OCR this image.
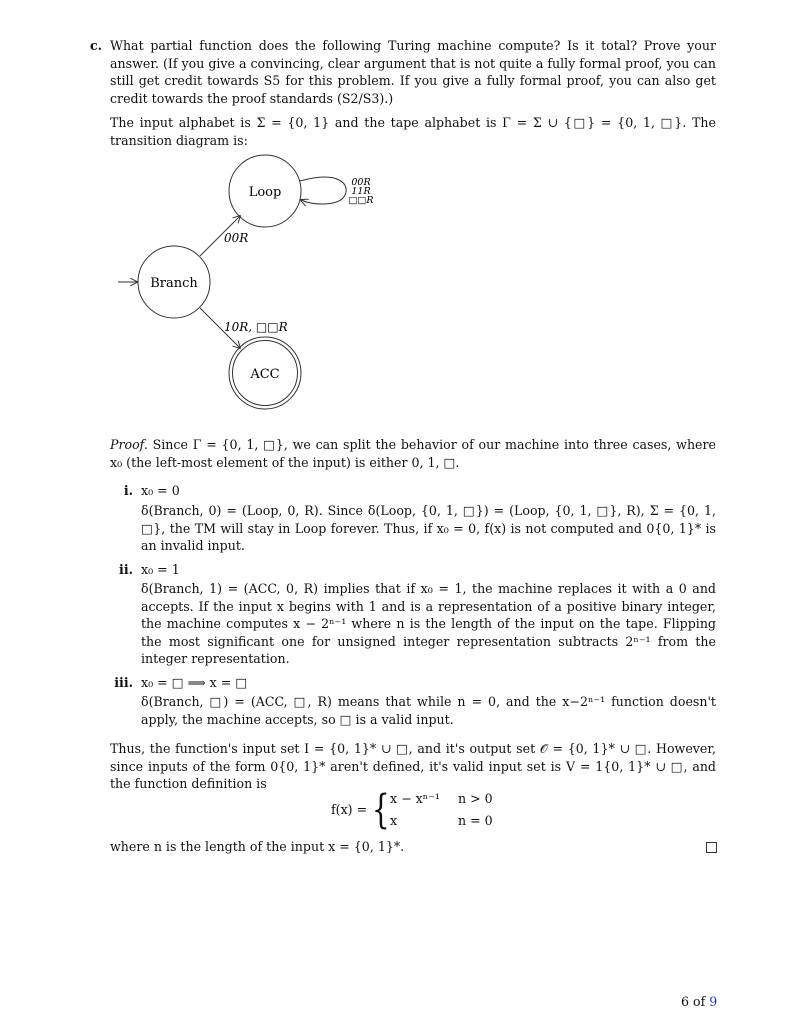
c. What partial function does the following Turing machine compute? Is it total? Prove your answer. (If you give a convincing, clear argument that is not quite a fully formal proof, you can still get credit towards S5 for this problem. If you give a fully formal proof, you can also get credit towards the proof standards (S2/S3).)
The input alphabet is Σ = {0, 1} and the tape alphabet is Γ = Σ ∪ {□} = {0, 1, □}. The transition diagram is:
Loop
00R
11R
□□R
Branch
00R
ACC
10R, □□R
Proof. Since Γ = {0, 1, □}, we can split the behavior of our machine into three cases, where x₀ (the left-most element of the input) is either 0, 1, □.
i. x₀ = 0
δ(Branch, 0) = (Loop, 0, R). Since δ(Loop, {0, 1, □}) = (Loop, {0, 1, □}, R), Σ = {0, 1, □}, the TM will stay in Loop forever. Thus, if x₀ = 0, f(x) is not computed and 0{0, 1}* is an invalid input.
ii. x₀ = 1
δ(Branch, 1) = (ACC, 0, R) implies that if x₀ = 1, the machine replaces it with a 0 and accepts. If the input x begins with 1 and is a representation of a positive binary integer, the machine computes x − 2ⁿ⁻¹ where n is the length of the input on the tape. Flipping the most significant one for unsigned integer representation subtracts 2ⁿ⁻¹ from the integer representation.
iii. x₀ = □ ⟹ x = □
δ(Branch, □) = (ACC, □, R) means that while n = 0, and the x−2ⁿ⁻¹ function doesn't apply, the machine accepts, so □ is a valid input.
Thus, the function's input set I = {0, 1}* ∪ □, and it's output set 𝒪 = {0, 1}* ∪ □. However, since inputs of the form 0{0, 1}* aren't defined, it's valid input set is V = 1{0, 1}* ∪ □, and the function definition is
f(x) = { x − xⁿ⁻¹ n > 0
x	n = 0
where n is the length of the input x = {0, 1}*.
6 of 9
